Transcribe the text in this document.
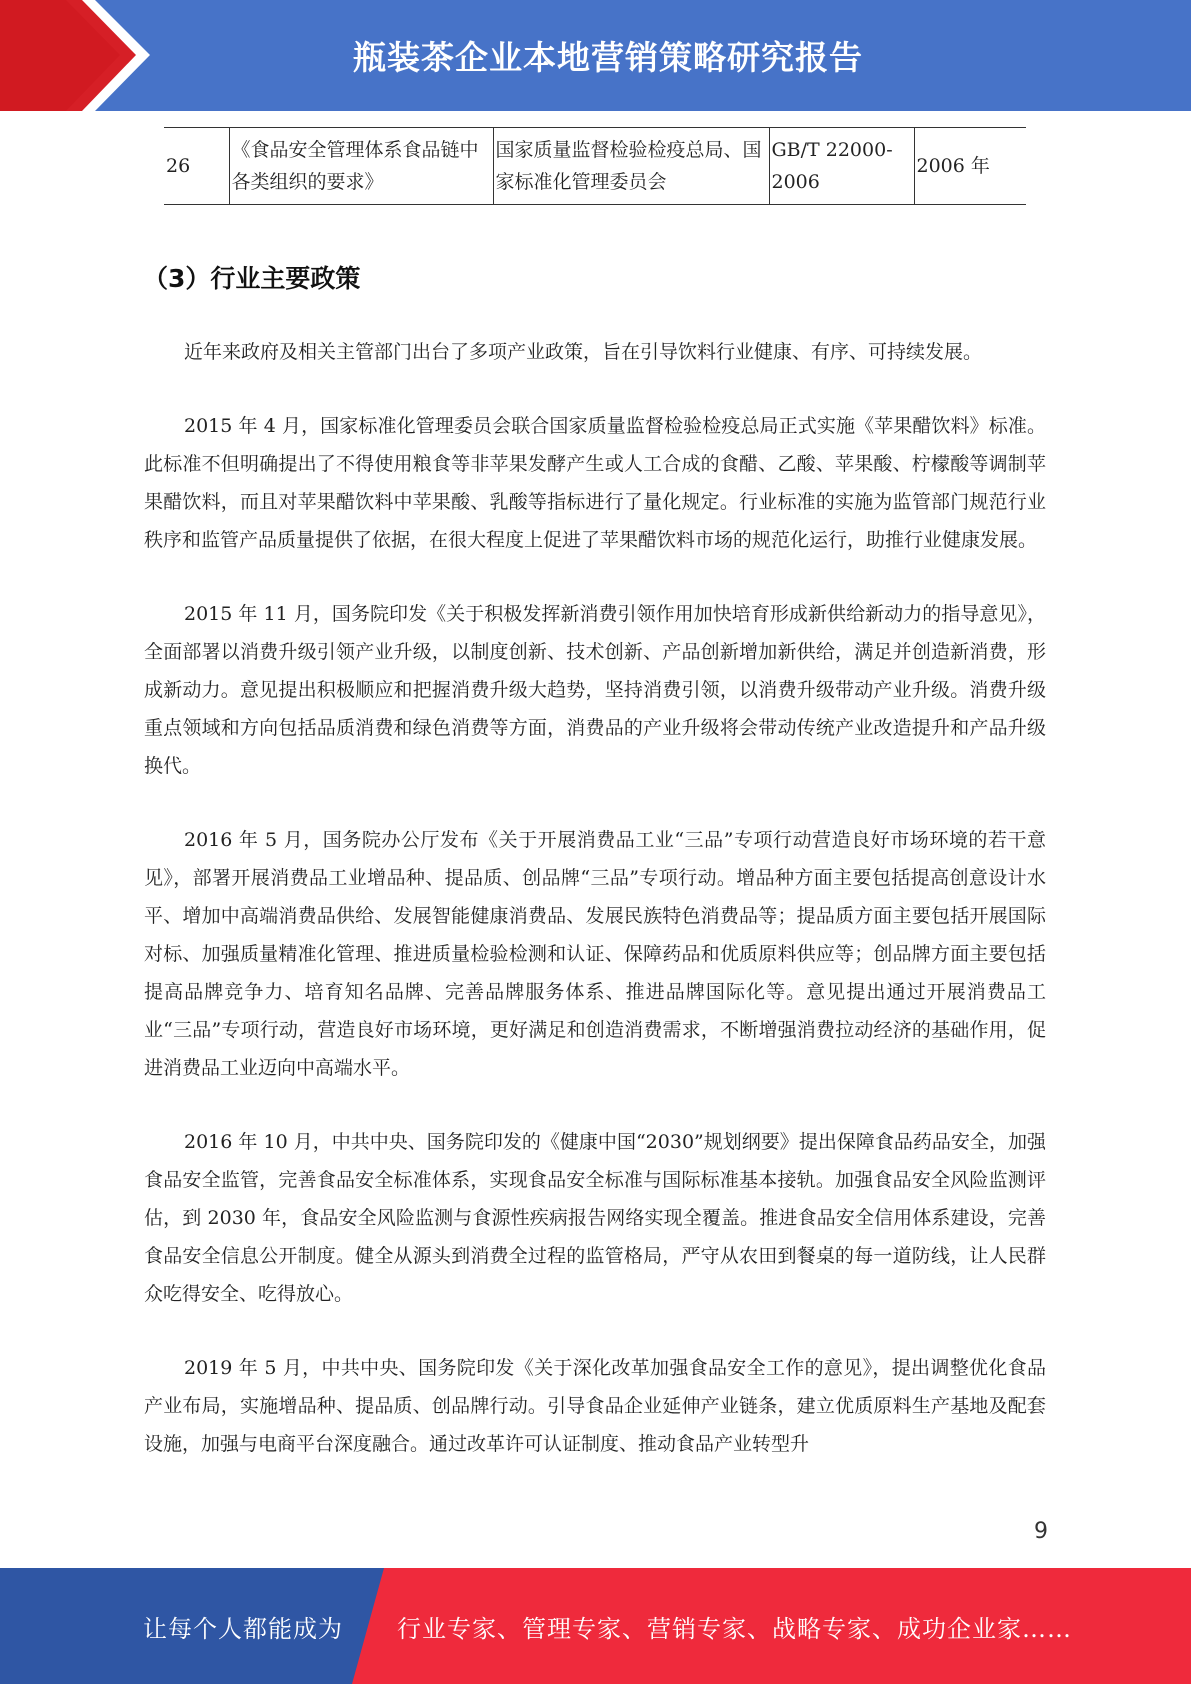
瓶装茶企业本地营销策略研究报告
26	《食品安全管理体系食品链中各类组织的要求》	国家质量监督检验检疫总局、国家标准化管理委员会	GB/T 22000-2006	2006 年
（3）行业主要政策

近年来政府及相关主管部门出台了多项产业政策，旨在引导饮料行业健康、有序、可持续发展。

2015 年 4 月，国家标准化管理委员会联合国家质量监督检验检疫总局正式实施《苹果醋饮料》标准。此标准不但明确提出了不得使用粮食等非苹果发酵产生或人工合成的食醋、乙酸、苹果酸、柠檬酸等调制苹果醋饮料，而且对苹果醋饮料中苹果酸、乳酸等指标进行了量化规定。行业标准的实施为监管部门规范行业秩序和监管产品质量提供了依据，在很大程度上促进了苹果醋饮料市场的规范化运行，助推行业健康发展。

2015 年 11 月，国务院印发《关于积极发挥新消费引领作用加快培育形成新供给新动力的指导意见》，全面部署以消费升级引领产业升级，以制度创新、技术创新、产品创新增加新供给，满足并创造新消费，形成新动力。意见提出积极顺应和把握消费升级大趋势，坚持消费引领，以消费升级带动产业升级。消费升级重点领域和方向包括品质消费和绿色消费等方面，消费品的产业升级将会带动传统产业改造提升和产品升级换代。

2016 年 5 月，国务院办公厅发布《关于开展消费品工业“三品”专项行动营造良好市场环境的若干意见》，部署开展消费品工业增品种、提品质、创品牌“三品”专项行动。增品种方面主要包括提高创意设计水平、增加中高端消费品供给、发展智能健康消费品、发展民族特色消费品等；提品质方面主要包括开展国际对标、加强质量精准化管理、推进质量检验检测和认证、保障药品和优质原料供应等；创品牌方面主要包括提高品牌竞争力、培育知名品牌、完善品牌服务体系、推进品牌国际化等。意见提出通过开展消费品工业“三品”专项行动，营造良好市场环境，更好满足和创造消费需求，不断增强消费拉动经济的基础作用，促进消费品工业迈向中高端水平。

2016 年 10 月，中共中央、国务院印发的《健康中国“2030”规划纲要》提出保障食品药品安全，加强食品安全监管，完善食品安全标准体系，实现食品安全标准与国际标准基本接轨。加强食品安全风险监测评估，到 2030 年，食品安全风险监测与食源性疾病报告网络实现全覆盖。推进食品安全信用体系建设，完善食品安全信息公开制度。健全从源头到消费全过程的监管格局，严守从农田到餐桌的每一道防线，让人民群众吃得安全、吃得放心。

2019 年 5 月，中共中央、国务院印发《关于深化改革加强食品安全工作的意见》，提出调整优化食品产业布局，实施增品种、提品质、创品牌行动。引导食品企业延伸产业链条，建立优质原料生产基地及配套设施，加强与电商平台深度融合。通过改革许可认证制度、推动食品产业转型升

9
让每个人都能成为 行业专家、管理专家、营销专家、战略专家、成功企业家……
